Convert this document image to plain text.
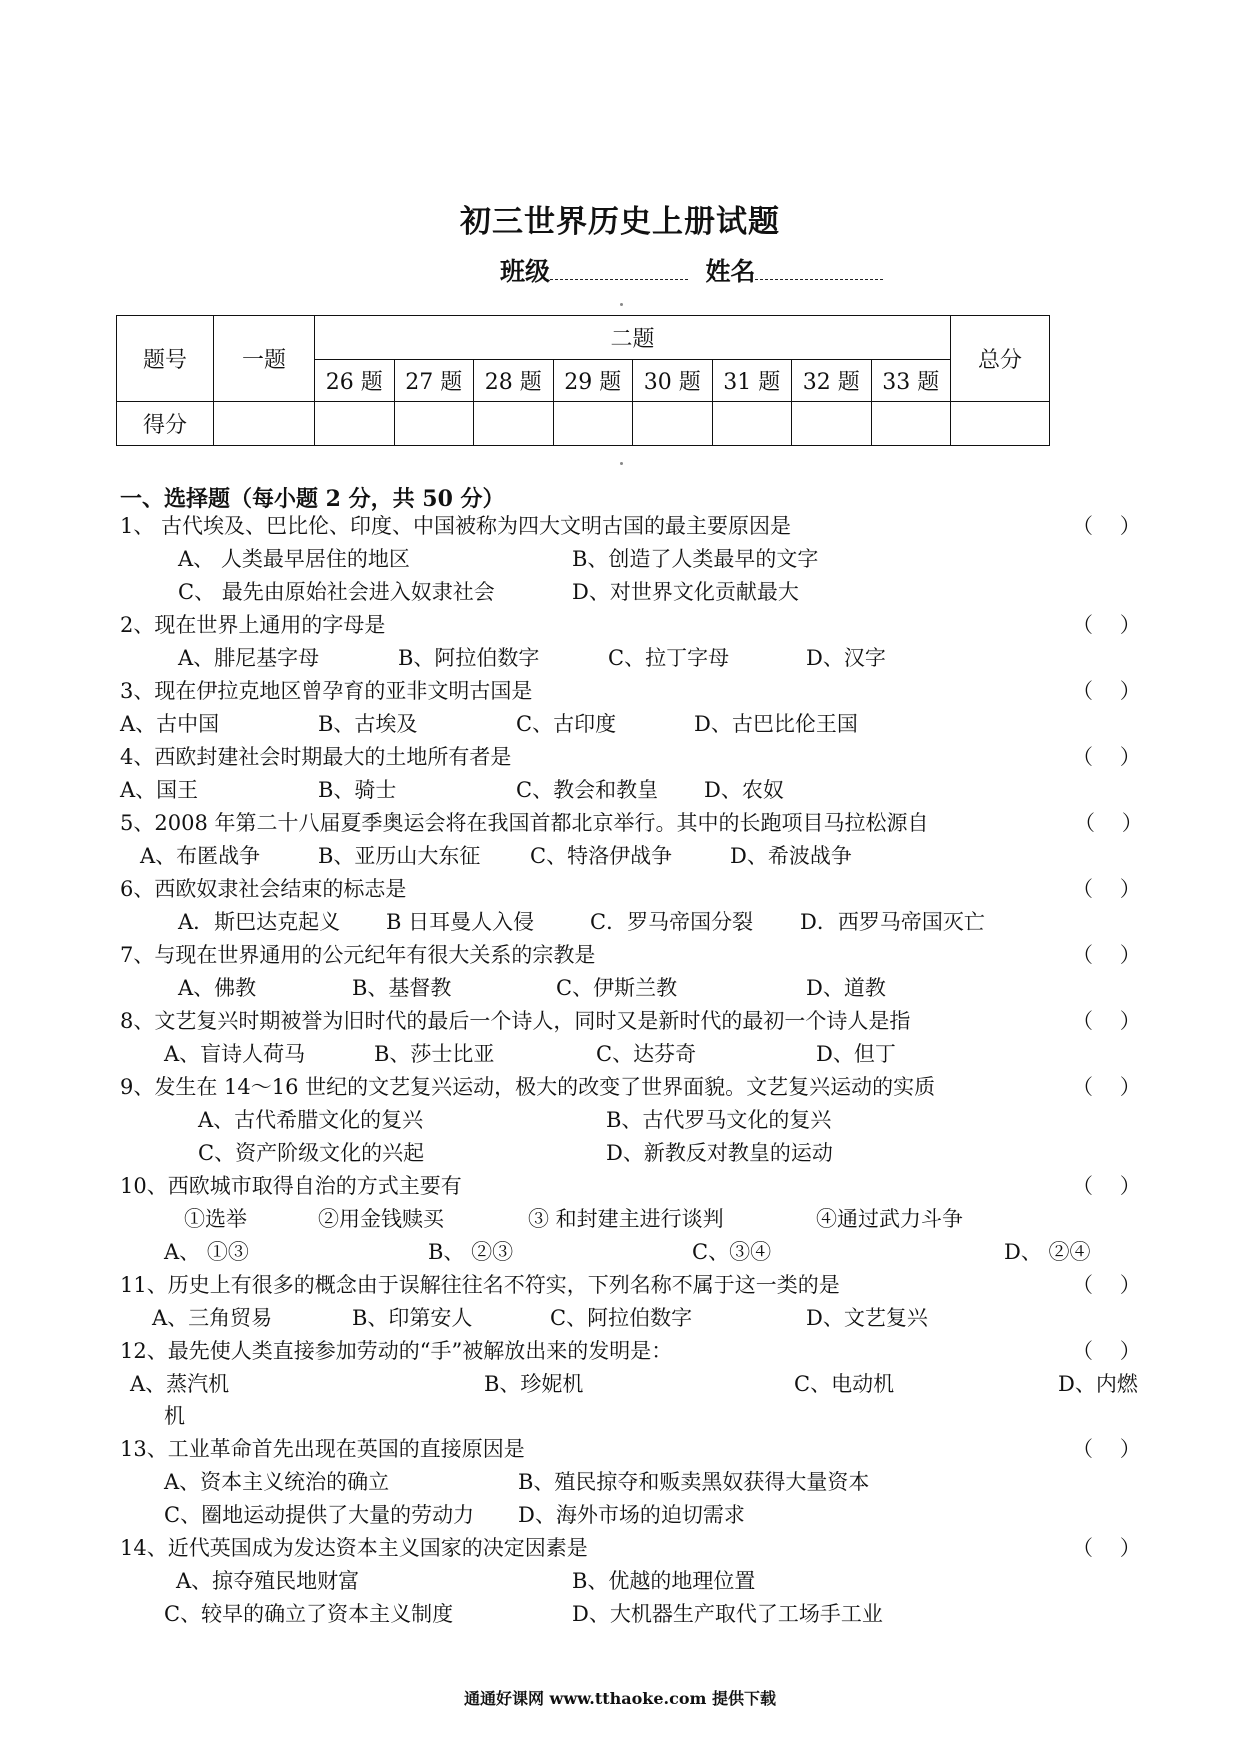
初三世界历史上册试题
班级	姓名
题号	一题	二题								总分
		26 题	27 题	28 题	29 题	30 题	31 题	32 题	33 题	
得分										
一、选择题（每小题 2 分，共 50 分）
1、 古代埃及、巴比伦、印度、中国被称为四大文明古国的最主要原因是	（    ）
A、 人类最早居住的地区	B、创造了人类最早的文字
C、 最先由原始社会进入奴隶社会	D、对世界文化贡献最大
2、现在世界上通用的字母是	（    ）
A、腓尼基字母	B、阿拉伯数字	C、拉丁字母	D、汉字
3、现在伊拉克地区曾孕育的亚非文明古国是	（    ）
A、古中国	B、古埃及	C、古印度	D、古巴比伦王国
4、西欧封建社会时期最大的土地所有者是	（    ）
A、国王	B、骑士	C、教会和教皇 D、农奴
5、2008 年第二十八届夏季奥运会将在我国首都北京举行。其中的长跑项目马拉松源自	（    ）
A、布匿战争	B、亚历山大东征 C、特洛伊战争	D、希波战争
6、西欧奴隶社会结束的标志是	（    ）
A．斯巴达克起义 B 日耳曼人入侵	C．罗马帝国分裂 D．西罗马帝国灭亡
7、与现在世界通用的公元纪年有很大关系的宗教是	（    ）
A、佛教	B、基督教	C、伊斯兰教	D、道教
8、文艺复兴时期被誉为旧时代的最后一个诗人，同时又是新时代的最初一个诗人是指	（    ）
A、盲诗人荷马	B、莎士比亚	C、达芬奇	D、但丁
9、发生在 14～16 世纪的文艺复兴运动，极大的改变了世界面貌。文艺复兴运动的实质	（    ）
A、古代希腊文化的复兴	B、古代罗马文化的复兴
C、资产阶级文化的兴起	D、新教反对教皇的运动
10、西欧城市取得自治的方式主要有	（    ）
①选举	②用金钱赎买	③ 和封建主进行谈判	④通过武力斗争
A、 ①③	B、 ②③	C、③④	D、 ②④
11、历史上有很多的概念由于误解往往名不符实，下列名称不属于这一类的是	（    ）
A、三角贸易	B、印第安人	C、阿拉伯数字	D、文艺复兴
12、最先使人类直接参加劳动的“手”被解放出来的发明是：	（    ）
A、蒸汽机	B、珍妮机	C、电动机	D、内燃
机
13、工业革命首先出现在英国的直接原因是	（    ）
A、资本主义统治的确立	B、殖民掠夺和贩卖黑奴获得大量资本
C、圈地运动提供了大量的劳动力 D、海外市场的迫切需求
14、近代英国成为发达资本主义国家的决定因素是	（    ）
A、掠夺殖民地财富	B、优越的地理位置
C、较早的确立了资本主义制度	D、大机器生产取代了工场手工业
通通好课网 www.tthaoke.com 提供下载
